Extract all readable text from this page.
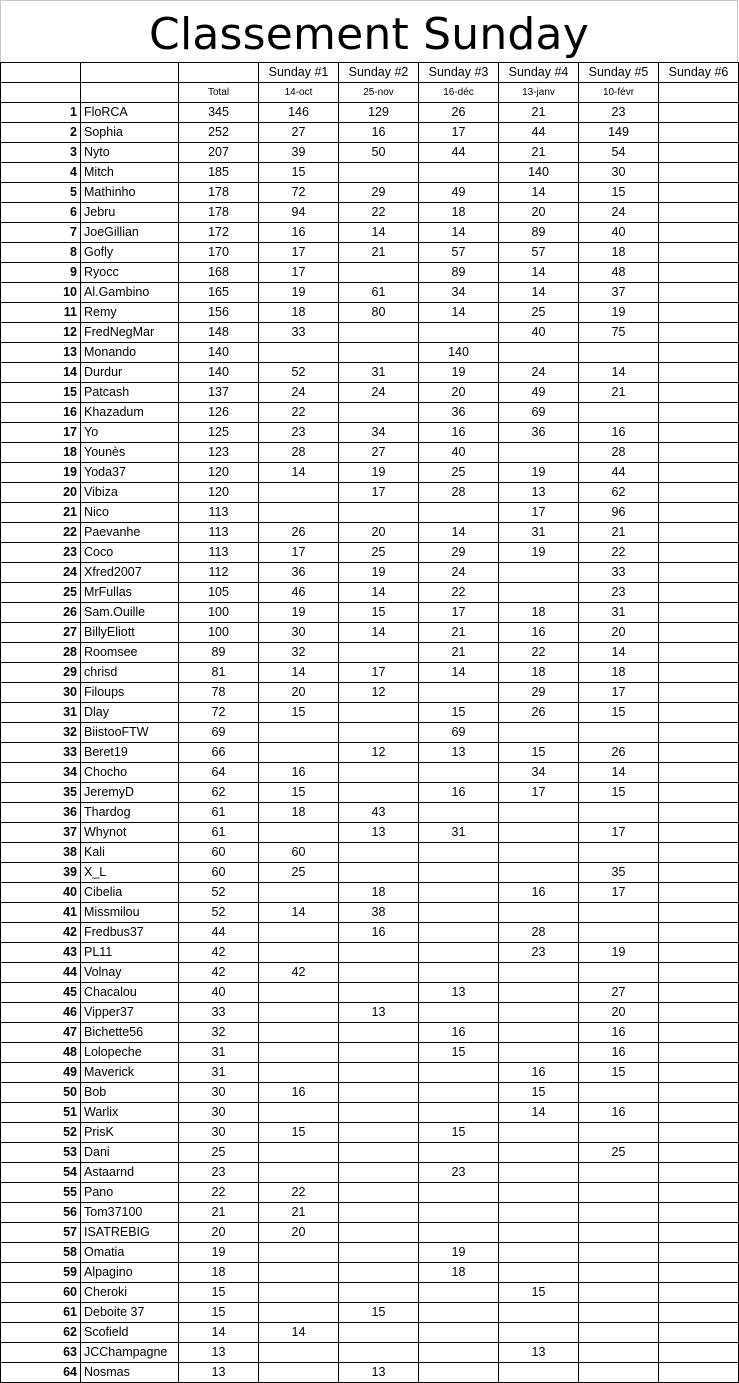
Classement Sunday
			Sunday #1	Sunday #2	Sunday #3	Sunday #4	Sunday #5	Sunday #6
		Total	14-oct	25-nov	16-déc	13-janv	10-févr	
1	FloRCA	345	146	129	26	21	23	
2	Sophia	252	27	16	17	44	149	
3	Nyto	207	39	50	44	21	54	
4	Mitch	185	15			140	30	
5	Mathinho	178	72	29	49	14	15	
6	Jebru	178	94	22	18	20	24	
7	JoeGillian	172	16	14	14	89	40	
8	Gofly	170	17	21	57	57	18	
9	Ryocc	168	17		89	14	48	
10	Al.Gambino	165	19	61	34	14	37	
11	Remy	156	18	80	14	25	19	
12	FredNegMar	148	33			40	75	
13	Monando	140			140			
14	Durdur	140	52	31	19	24	14	
15	Patcash	137	24	24	20	49	21	
16	Khazadum	126	22		36	69		
17	Yo	125	23	34	16	36	16	
18	Younès	123	28	27	40		28	
19	Yoda37	120	14	19	25	19	44	
20	Vibiza	120		17	28	13	62	
21	Nico	113				17	96	
22	Paevanhe	113	26	20	14	31	21	
23	Coco	113	17	25	29	19	22	
24	Xfred2007	112	36	19	24		33	
25	MrFullas	105	46	14	22		23	
26	Sam.Ouille	100	19	15	17	18	31	
27	BillyEliott	100	30	14	21	16	20	
28	Roomsee	89	32		21	22	14	
29	chrisd	81	14	17	14	18	18	
30	Filoups	78	20	12		29	17	
31	Dlay	72	15		15	26	15	
32	BiistooFTW	69			69			
33	Beret19	66		12	13	15	26	
34	Chocho	64	16			34	14	
35	JeremyD	62	15		16	17	15	
36	Thardog	61	18	43				
37	Whynot	61		13	31		17	
38	Kali	60	60					
39	X_L	60	25				35	
40	Cibelia	52		18		16	17	
41	Missmilou	52	14	38				
42	Fredbus37	44		16		28		
43	PL11	42				23	19	
44	Volnay	42	42					
45	Chacalou	40			13		27	
46	Vipper37	33		13			20	
47	Bichette56	32			16		16	
48	Lolopeche	31			15		16	
49	Maverick	31				16	15	
50	Bob	30	16			15		
51	Warlix	30				14	16	
52	PrisK	30	15		15			
53	Dani	25					25	
54	Astaarnd	23			23			
55	Pano	22	22					
56	Tom37100	21	21					
57	ISATREBIG	20	20					
58	Omatia	19			19			
59	Alpagino	18			18			
60	Cheroki	15				15		
61	Deboite 37	15		15				
62	Scofield	14	14					
63	JCChampagne	13				13		
64	Nosmas	13		13				
